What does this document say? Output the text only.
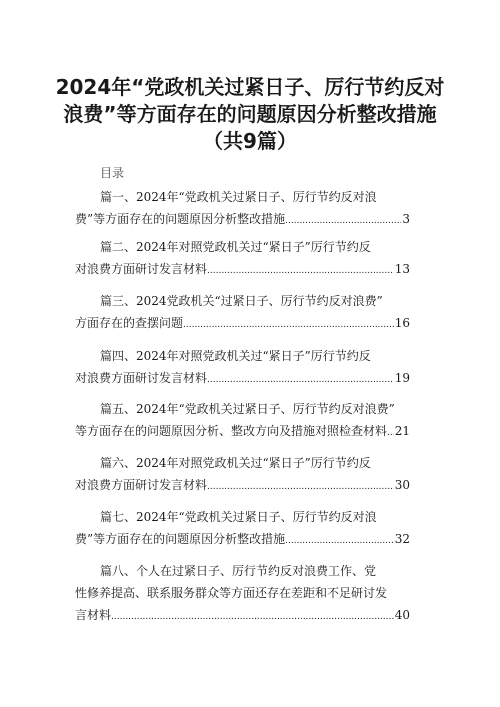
2024年“党政机关过紧日子、厉行节约反对
浪费”等方面存在的问题原因分析整改措施
（共9篇）
目录
篇一、2024年“党政机关过紧日子、厉行节约反对浪
费”等方面存在的问题原因分析整改措施 .....	3
篇二、2024年对照党政机关过“紧日子”厉行节约反
对浪费方面研讨发言材料 .....	13
篇三、2024党政机关“过紧日子、厉行节约反对浪费”
方面存在的查摆问题 .....	16
篇四、2024年对照党政机关过“紧日子”厉行节约反
对浪费方面研讨发言材料 .....	19
篇五、2024年“党政机关过紧日子、厉行节约反对浪费”
等方面存在的问题原因分析、整改方向及措施对照检查材料 ..... 21
篇六、2024年对照党政机关过“紧日子”厉行节约反
对浪费方面研讨发言材料 .....	30
篇七、2024年“党政机关过紧日子、厉行节约反对浪
费”等方面存在的问题原因分析整改措施 .....	32
篇八、个人在过紧日子、厉行节约反对浪费工作、党
性修养提高、联系服务群众等方面还存在差距和不足研讨发
言材料 .....	40
